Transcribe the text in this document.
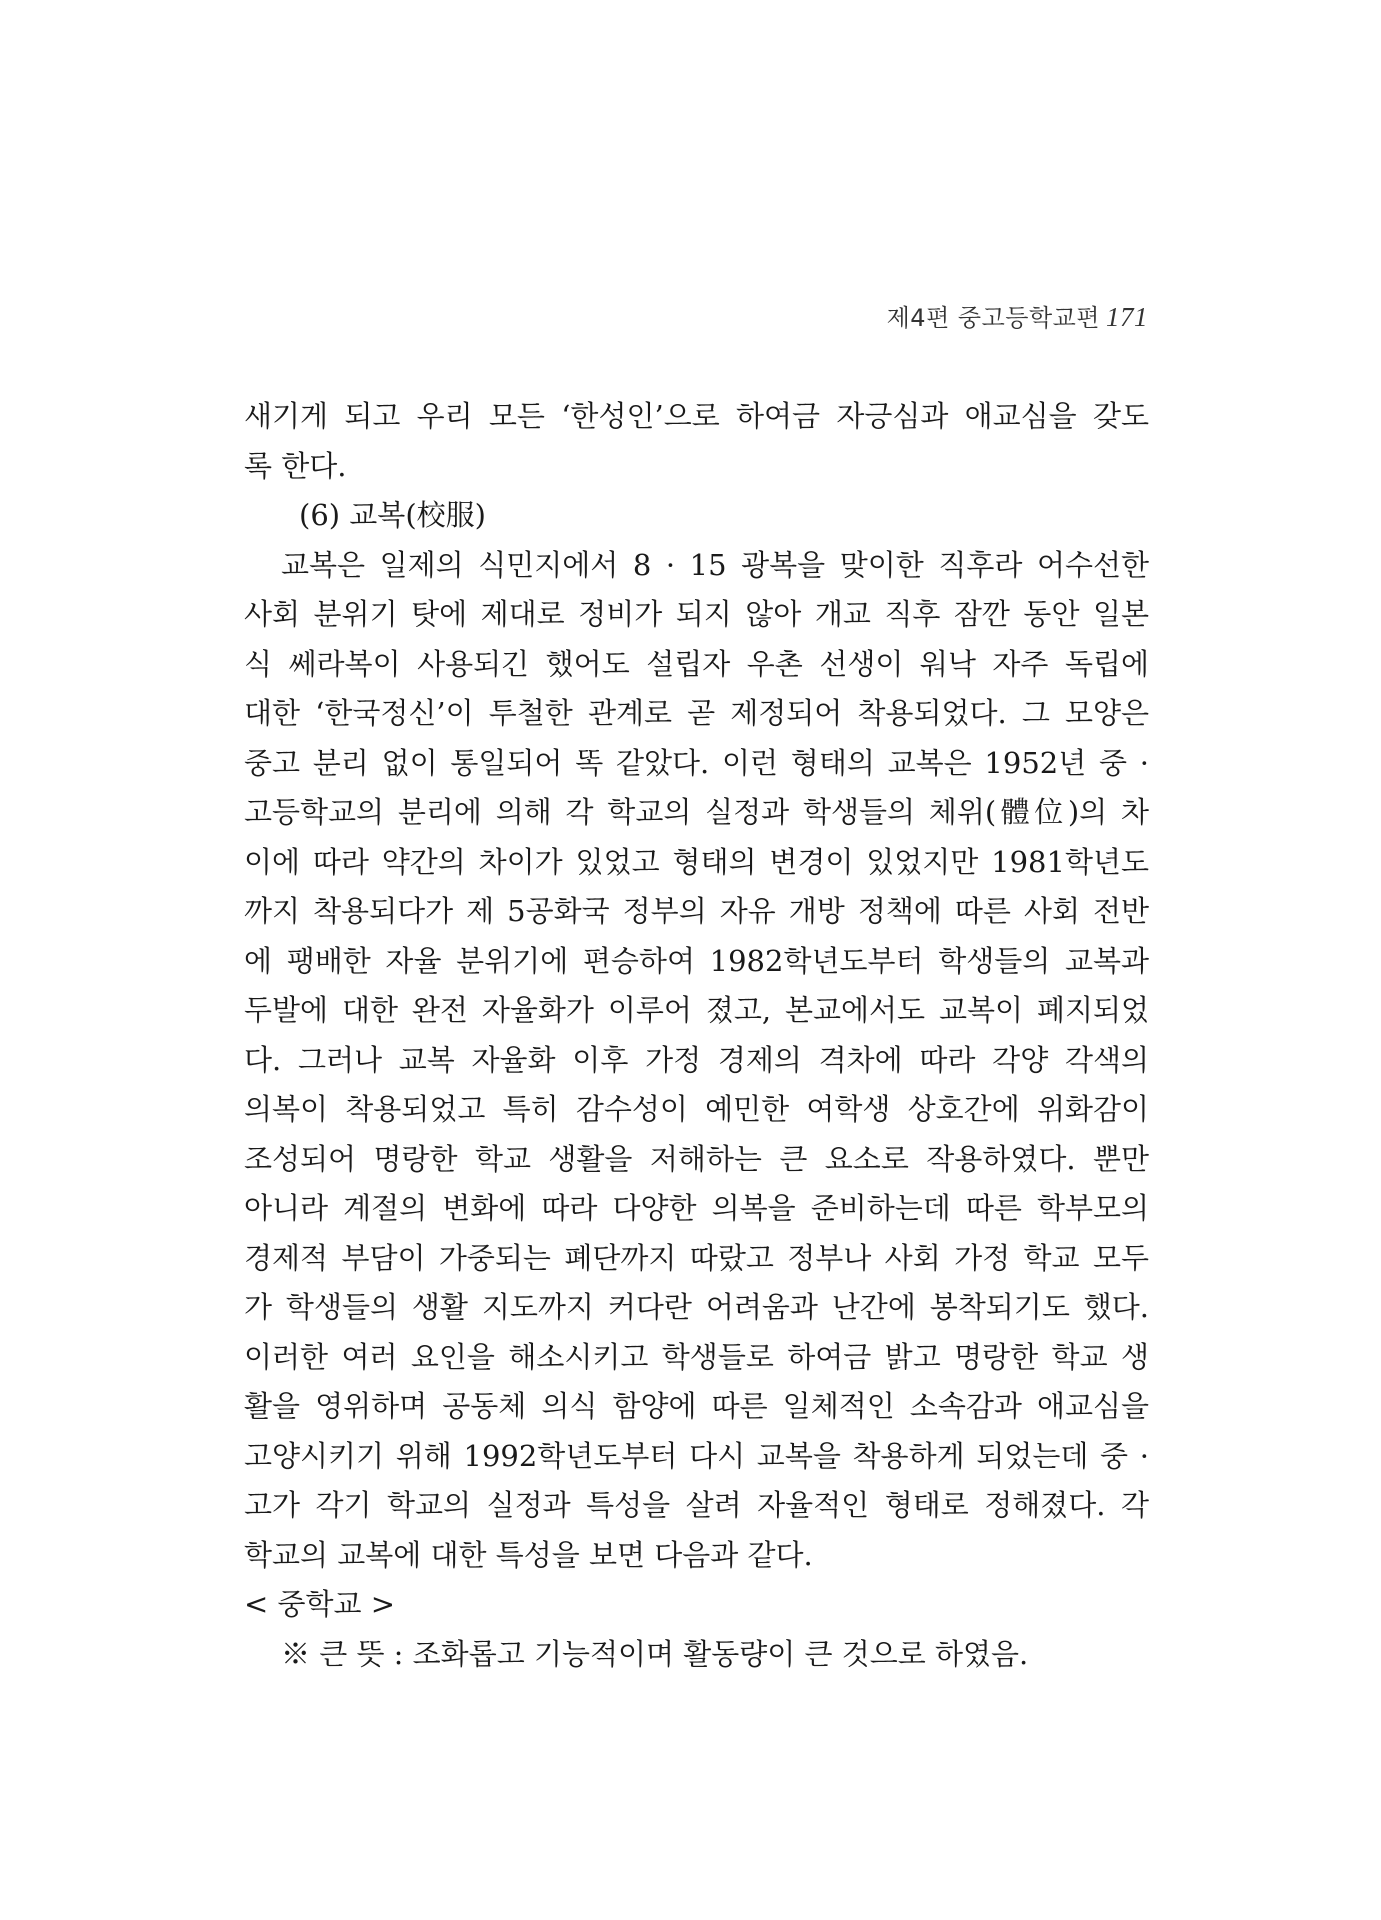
제4편 중고등학교편 171
새기게 되고 우리 모든 ‘한성인’으로 하여금 자긍심과 애교심을 갖도
록 한다.
(6) 교복(校服)
교복은 일제의 식민지에서 8 · 15 광복을 맞이한 직후라 어수선한
사회 분위기 탓에 제대로 정비가 되지 않아 개교 직후 잠깐 동안 일본
식 쎄라복이 사용되긴 했어도 설립자 우촌 선생이 워낙 자주 독립에
대한 ‘한국정신’이 투철한 관계로 곧 제정되어 착용되었다. 그 모양은
중고 분리 없이 통일되어 똑 같았다. 이런 형태의 교복은 1952년 중 ·
고등학교의 분리에 의해 각 학교의 실정과 학생들의 체위(體位)의 차
이에 따라 약간의 차이가 있었고 형태의 변경이 있었지만 1981학년도
까지 착용되다가 제 5공화국 정부의 자유 개방 정책에 따른 사회 전반
에 팽배한 자율 분위기에 편승하여 1982학년도부터 학생들의 교복과
두발에 대한 완전 자율화가 이루어 졌고, 본교에서도 교복이 폐지되었
다. 그러나 교복 자율화 이후 가정 경제의 격차에 따라 각양 각색의
의복이 착용되었고 특히 감수성이 예민한 여학생 상호간에 위화감이
조성되어 명랑한 학교 생활을 저해하는 큰 요소로 작용하였다. 뿐만
아니라 계절의 변화에 따라 다양한 의복을 준비하는데 따른 학부모의
경제적 부담이 가중되는 폐단까지 따랐고 정부나 사회 가정 학교 모두
가 학생들의 생활 지도까지 커다란 어려움과 난간에 봉착되기도 했다.
이러한 여러 요인을 해소시키고 학생들로 하여금 밝고 명랑한 학교 생
활을 영위하며 공동체 의식 함양에 따른 일체적인 소속감과 애교심을
고양시키기 위해 1992학년도부터 다시 교복을 착용하게 되었는데 중 ·
고가 각기 학교의 실정과 특성을 살려 자율적인 형태로 정해졌다. 각
학교의 교복에 대한 특성을 보면 다음과 같다.
< 중학교 >
※ 큰 뜻 : 조화롭고 기능적이며 활동량이 큰 것으로 하였음.
